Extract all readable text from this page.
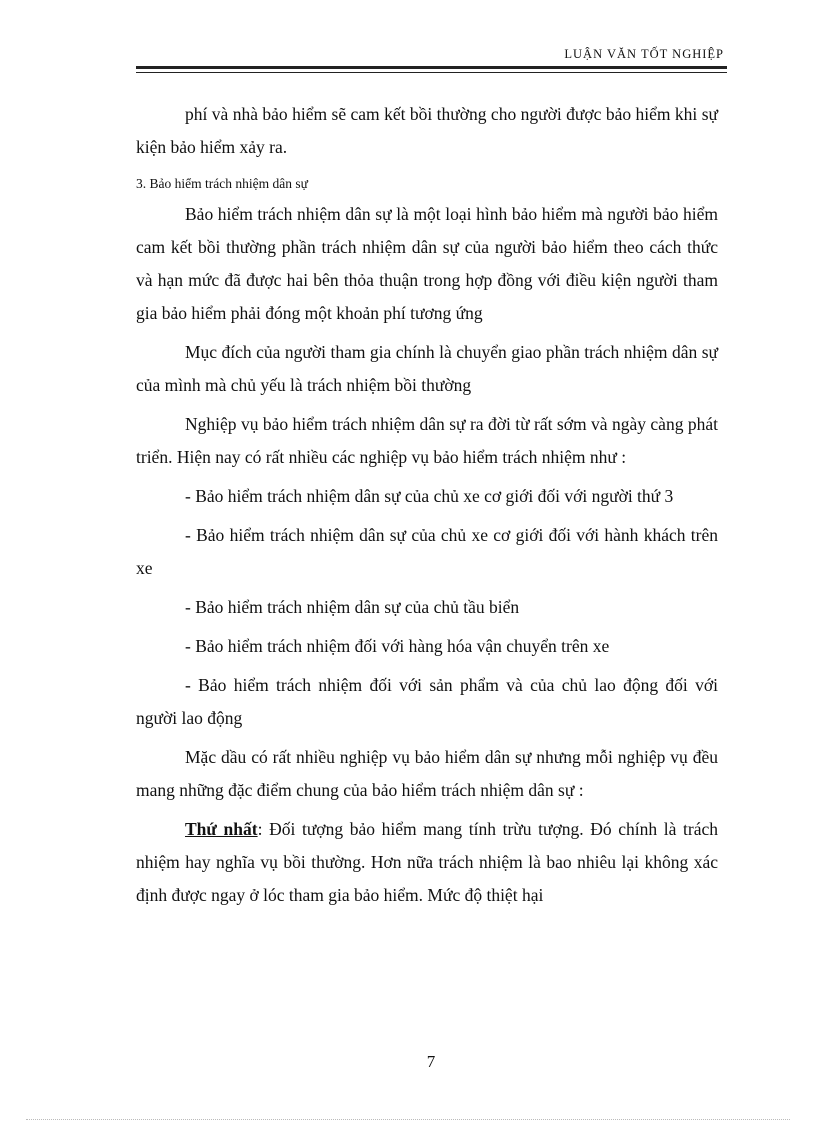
LUẬN VĂN TỐT NGHIỆP

phí và nhà bảo hiểm sẽ cam kết bồi thường cho người được bảo hiểm khi sự kiện bảo hiểm xảy ra.

3. Bảo hiểm trách nhiệm dân sự

Bảo hiểm trách nhiệm dân sự là một loại hình bảo hiểm mà người bảo hiểm cam kết bồi thường phần trách nhiệm dân sự của người bảo hiểm theo cách thức và hạn mức đã được hai bên thỏa thuận trong hợp đồng với điều kiện người tham gia bảo hiểm phải đóng một khoản phí tương ứng

Mục đích của người tham gia chính là chuyển giao phần trách nhiệm dân sự của mình mà chủ yếu là trách nhiệm bồi thường

Nghiệp vụ bảo hiểm trách nhiệm dân sự ra đời từ rất sớm và ngày càng phát triển. Hiện nay có rất nhiều các nghiệp vụ bảo hiểm trách nhiệm như :

- Bảo hiểm trách nhiệm dân sự của chủ xe cơ giới đối với người thứ 3

- Bảo hiểm trách nhiệm dân sự của chủ xe cơ giới đối với hành khách trên xe

- Bảo hiểm trách nhiệm dân sự của chủ tầu biển

- Bảo hiểm trách nhiệm đối với hàng hóa vận chuyển trên xe

- Bảo hiểm trách nhiệm đối với sản phẩm và của chủ lao động đối với người lao động

Mặc dầu có rất nhiều nghiệp vụ bảo hiểm dân sự nhưng mỗi nghiệp vụ đều mang những đặc điểm chung của bảo hiểm trách nhiệm dân sự :

Thứ nhất: Đối tượng bảo hiểm mang tính trừu tượng. Đó chính là trách nhiệm hay nghĩa vụ bồi thường. Hơn nữa trách nhiệm là bao nhiêu lại không xác định được ngay ở lóc tham gia bảo hiểm. Mức độ thiệt hại

7
